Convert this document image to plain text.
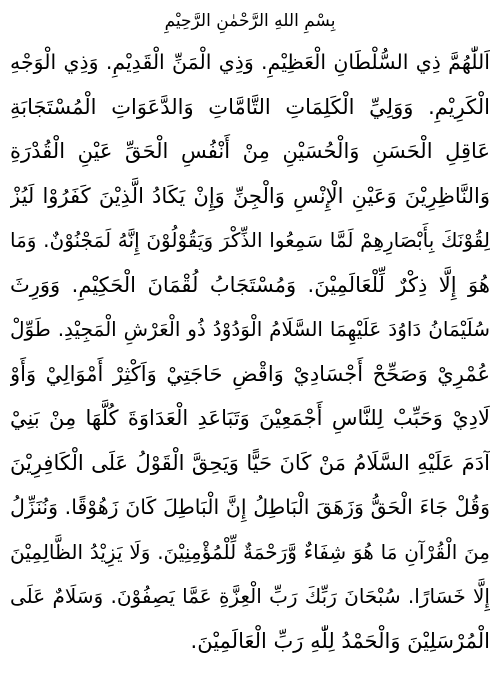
بِسْمِ اللهِ الرَّحْمٰنِ الرَّحِيْمِ
اَللّٰهُمَّ ذِي السُّلْطَانِ الْعَظِيْمِ. وَذِي الْمَنِّ الْقَدِيْمِ. وَذِي الْوَجْهِ
الْكَرِيْمِ. وَوَلِيِّ الْكَلِمَاتِ التَّامَّاتِ وَالدَّعَوَاتِ الْمُسْتَجَابَةِ
عَاقِلِ الْحَسَنِ وَالْحُسَيْنِ مِنْ أَنْفُسِ الْحَقِّ عَيْنِ الْقُدْرَةِ
وَالنَّاظِرِيْنَ وَعَيْنِ الْإِنْسِ وَالْجِنِّ وَإِنْ يَكَادُ الَّذِيْنَ كَفَرُوْا لَيُزْ
لِقُوْنَكَ بِأَبْصَارِهِمْ لَمَّا سَمِعُوا الذِّكْرَ وَيَقُوْلُوْنَ إِنَّهُ لَمَجْنُوْنٌ. وَمَا
هُوَ إِلَّا ذِكْرٌ لِّلْعَالَمِيْنَ. وَمُسْتَجَابُ لُقْمَانَ الْحَكِيْمِ. وَوَرِثَ
سُلَيْمَانُ دَاوُدَ عَلَيْهِمَا السَّلَامُ الْوَدُوْدُ ذُو الْعَرْشِ الْمَجِيْدِ. طَوِّلْ
عُمْرِيْ وَصَحِّحْ أَجْسَادِيْ وَاقْضِ حَاجَتِيْ وَاَكْثِرْ أَمْوَالِيْ وَأَوْ
لَادِيْ وَحَبِّبْ لِلنَّاسِ أَجْمَعِيْنَ وَتَبَاعَدِ الْعَدَاوَةَ كُلَّهَا مِنْ بَنِيْ
آدَمَ عَلَيْهِ السَّلَامُ مَنْ كَانَ حَيًّا وَيَحِقَّ الْقَوْلُ عَلَى الْكَافِرِيْنَ
وَقُلْ جَاءَ الْحَقُّ وَزَهَقَ الْبَاطِلُ إِنَّ الْبَاطِلَ كَانَ زَهُوْقًا. وَنُنَزِّلُ
مِنَ الْقُرْآنِ مَا هُوَ شِفَاءٌ وَّرَحْمَةٌ لِّلْمُؤْمِنِيْنَ. وَلَا يَزِيْدُ الظَّالِمِيْنَ
إِلَّا خَسَارًا. سُبْحَانَ رَبِّكَ رَبِّ الْعِزَّةِ عَمَّا يَصِفُوْنَ. وَسَلَامٌ عَلَى
الْمُرْسَلِيْنَ وَالْحَمْدُ لِلّٰهِ رَبِّ الْعَالَمِيْنَ.
